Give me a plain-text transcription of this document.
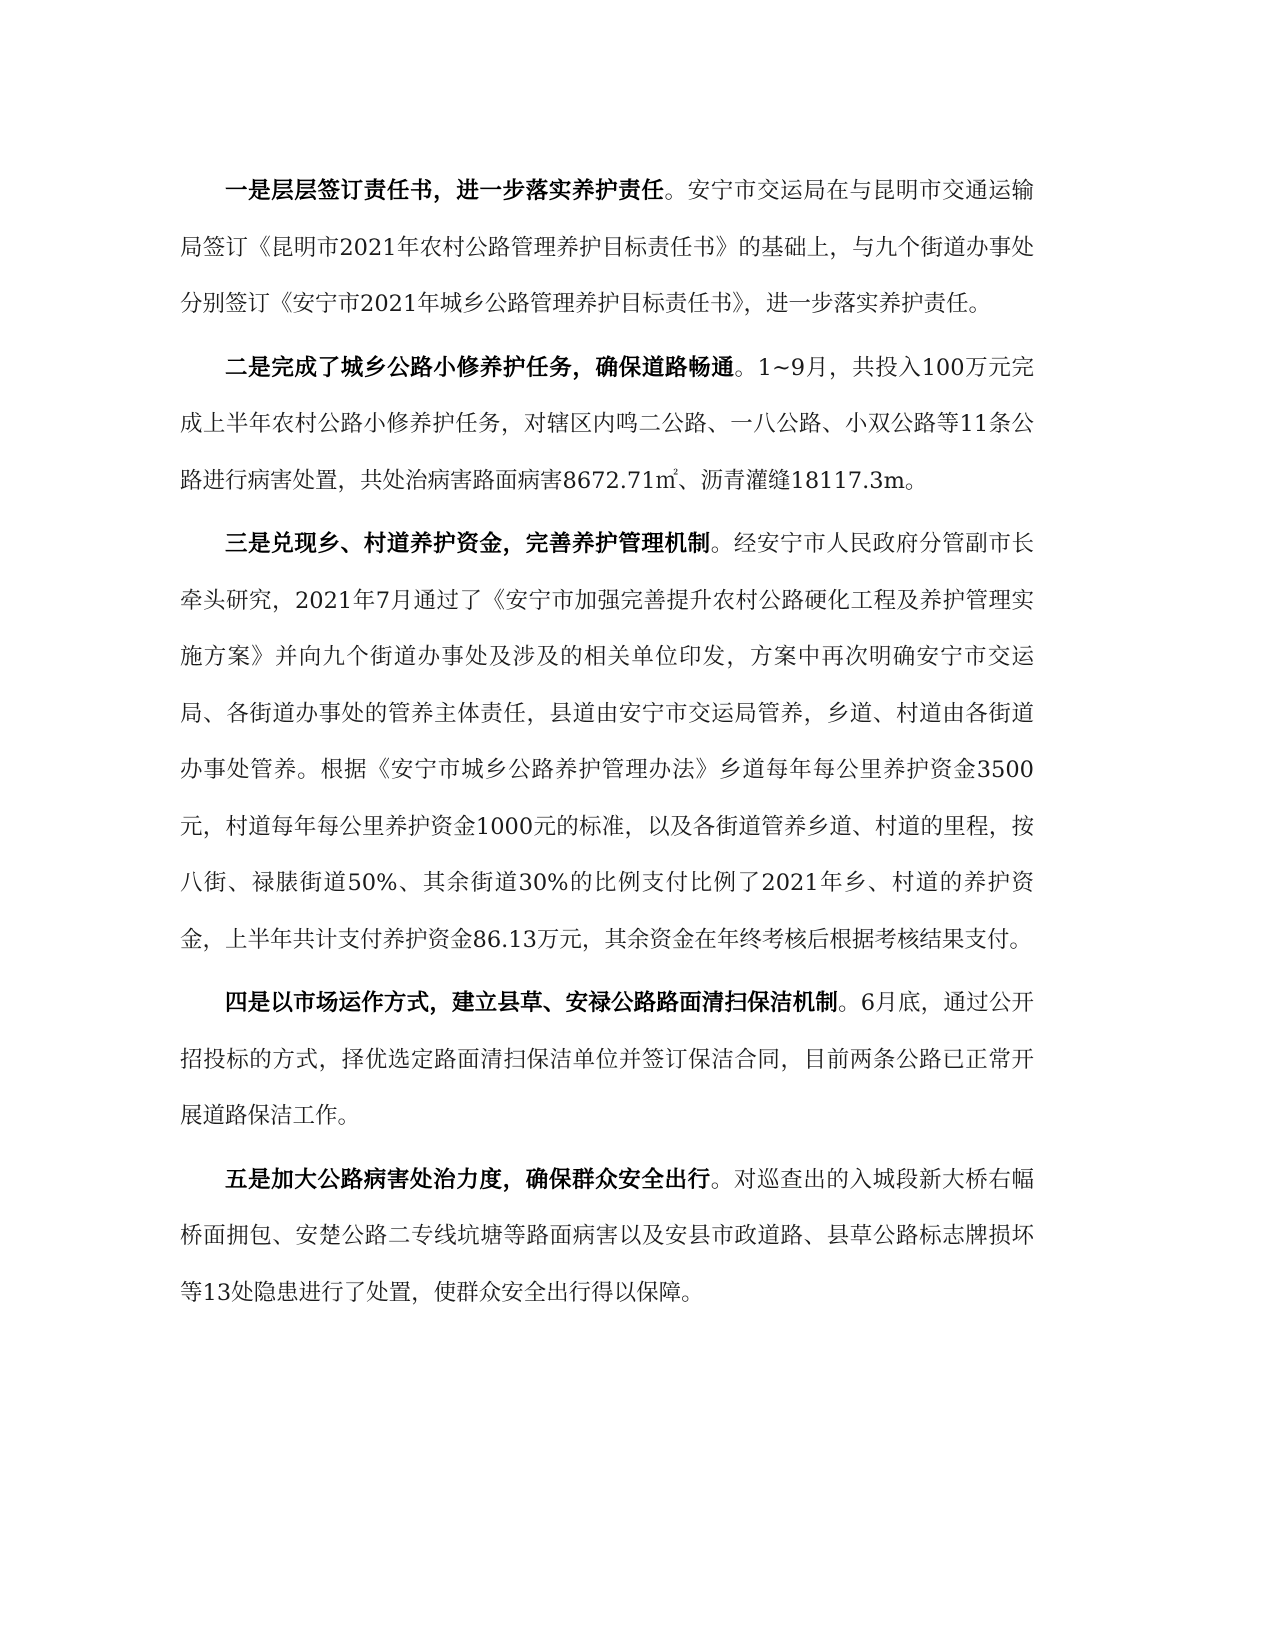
一是层层签订责任书，进一步落实养护责任。安宁市交运局在与昆明市交通运输局签订《昆明市2021年农村公路管理养护目标责任书》的基础上，与九个街道办事处分别签订《安宁市2021年城乡公路管理养护目标责任书》，进一步落实养护责任。

二是完成了城乡公路小修养护任务，确保道路畅通。1~9月，共投入100万元完成上半年农村公路小修养护任务，对辖区内鸣二公路、一八公路、小双公路等11条公路进行病害处置，共处治病害路面病害8672.71㎡、沥青灌缝18117.3m。

三是兑现乡、村道养护资金，完善养护管理机制。经安宁市人民政府分管副市长牵头研究，2021年7月通过了《安宁市加强完善提升农村公路硬化工程及养护管理实施方案》并向九个街道办事处及涉及的相关单位印发，方案中再次明确安宁市交运局、各街道办事处的管养主体责任，县道由安宁市交运局管养，乡道、村道由各街道办事处管养。根据《安宁市城乡公路养护管理办法》乡道每年每公里养护资金3500元，村道每年每公里养护资金1000元的标准，以及各街道管养乡道、村道的里程，按八街、禄脿街道50%、其余街道30%的比例支付比例了2021年乡、村道的养护资金，上半年共计支付养护资金86.13万元，其余资金在年终考核后根据考核结果支付。

四是以市场运作方式，建立县草、安禄公路路面清扫保洁机制。6月底，通过公开招投标的方式，择优选定路面清扫保洁单位并签订保洁合同，目前两条公路已正常开展道路保洁工作。

五是加大公路病害处治力度，确保群众安全出行。对巡查出的入城段新大桥右幅桥面拥包、安楚公路二专线坑塘等路面病害以及安县市政道路、县草公路标志牌损坏等13处隐患进行了处置，使群众安全出行得以保障。
